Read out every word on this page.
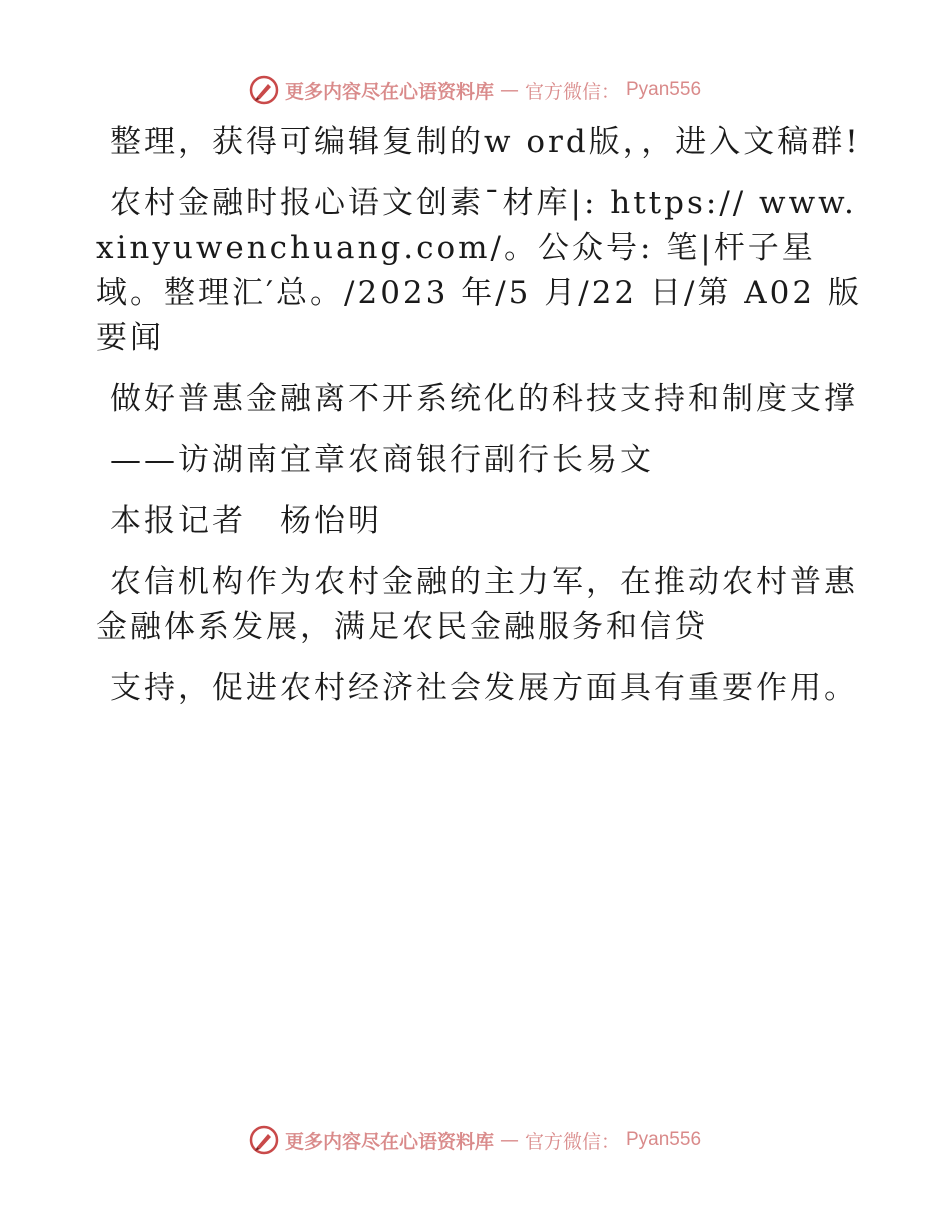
更多内容尽在心语资料库 — 官方微信： Pyan556

整理，获得可编辑复制的w ord版，，进入文稿群!

农村金融时报心语文创素¯材库|: https:// www.xinyuwenchuang.com/。公众号: 笔|杆子星域。整理汇′总。/2023 年/5 月/22 日/第 A02 版要闻

做好普惠金融离不开系统化的科技支持和制度支撑

——访湖南宜章农商银行副行长易文

本报记者 杨怡明

农信机构作为农村金融的主力军，在推动农村普惠金融体系发展，满足农民金融服务和信贷

支持，促进农村经济社会发展方面具有重要作用。

更多内容尽在心语资料库 — 官方微信： Pyan556
